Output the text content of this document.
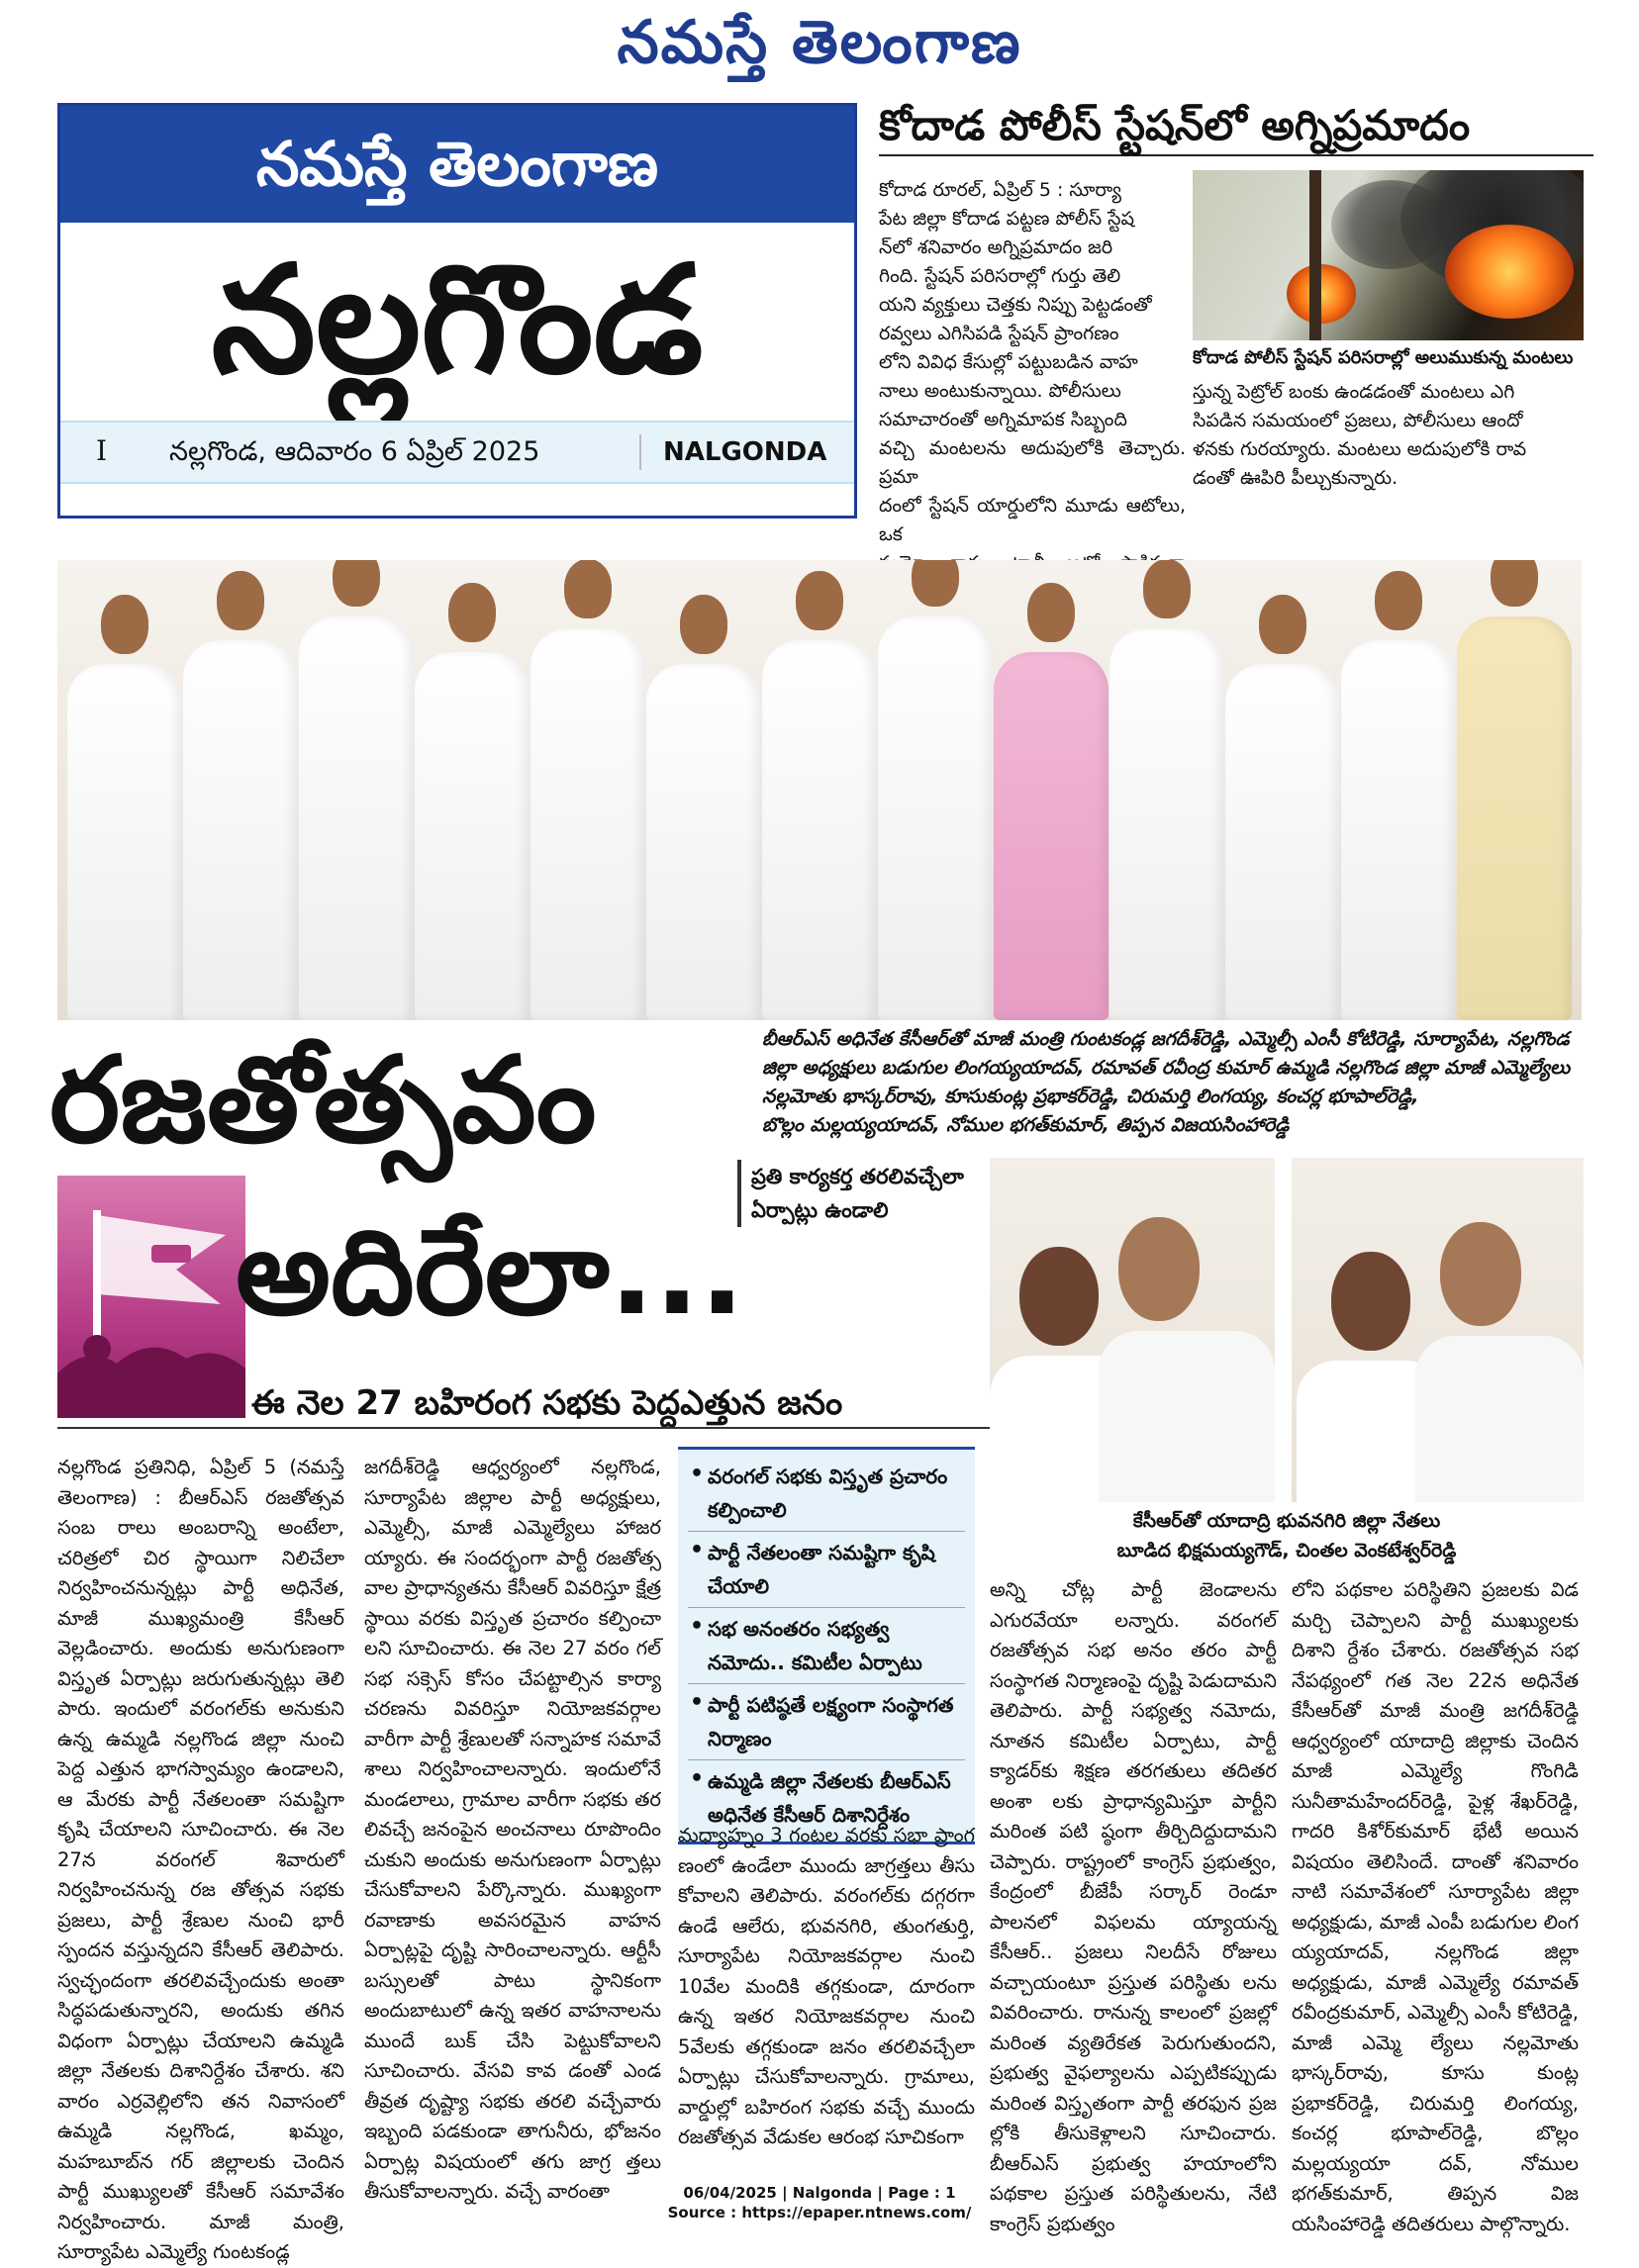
నమస్తే తెలంగాణ
నమస్తే తెలంగాణ
నల్లగొండ
I నల్లగొండ, ఆదివారం 6 ఏప్రిల్ 2025	NALGONDA
కోదాడ పోలీస్ స్టేషన్‌లో అగ్నిప్రమాదం
కోదాడ రూరల్, ఏప్రిల్ 5 : సూర్యా
పేట జిల్లా కోదాడ పట్టణ పోలీస్ స్టేష
న్‌లో శనివారం అగ్నిప్రమాదం జరి
గింది. స్టేషన్ పరిసరాల్లో గుర్తు తెలి
యని వ్యక్తులు చెత్తకు నిప్పు పెట్టడంతో
రవ్వలు ఎగిసిపడి స్టేషన్ ప్రాంగణం
లోని వివిధ కేసుల్లో పట్టుబడిన వాహ
నాలు అంటుకున్నాయి. పోలీసులు
సమాచారంతో అగ్నిమాపక సిబ్బంది
వచ్చి మంటలను అదుపులోకి తెచ్చారు. ప్రమా
దంలో స్టేషన్ యార్డులోని మూడు ఆటోలు, ఒక
స్తున్న పెట్రోల్ బంకు ఉండడంతో మంటలు ఎగి
సిపడిన సమయంలో ప్రజలు, పోలీసులు ఆందో
ళనకు గురయ్యారు. మంటలు అదుపులోకి రావ
డంతో ఊపిరి పీల్చుకున్నారు.
కోదాడ పోలీస్ స్టేషన్ పరిసరాల్లో అలుముకున్న మంటలు
బీఆర్‌ఎస్ అధినేత కేసీఆర్‌తో మాజీ మంత్రి గుంటకండ్ల జగదీశ్‌రెడ్డి, ఎమ్మెల్సీ ఎంసీ కోటిరెడ్డి, సూర్యాపేట, నల్లగొండ
జిల్లా అధ్యక్షులు బడుగుల లింగయ్యయాదవ్, రమావత్ రవీంద్ర కుమార్ ఉమ్మడి నల్లగొండ జిల్లా మాజీ ఎమ్మెల్యేలు
నల్లమోతు భాస్కర్‌రావు, కూసుకుంట్ల ప్రభాకర్‌రెడ్డి, చిరుమర్తి లింగయ్య, కంచర్ల భూపాల్‌రెడ్డి,
బొల్లం మల్లయ్యయాదవ్, నోముల భగత్‌కుమార్, తిప్పన విజయసింహారెడ్డి
రజతోత్సవం
ప్రతి కార్యకర్త తరలివచ్చేలా ఏర్పాట్లు ఉండాలి
అదిరేలా...
ఈ నెల 27 బహిరంగ సభకు పెద్దఎత్తున జనం
కేసీఆర్‌తో యాదాద్రి భువనగిరి జిల్లా నేతలు
బూడిద భిక్షమయ్యగౌడ్, చింతల వెంకటేశ్వర్‌రెడ్డి
నల్లగొండ ప్రతినిధి, ఏప్రిల్ 5 (నమస్తే తెలంగాణ) : బీఆర్‌ఎస్ రజతోత్సవ సంబ రాలు అంబరాన్ని అంటేలా, చరిత్రలో చిర స్థాయిగా నిలిచేలా నిర్వహించనున్నట్లు పార్టీ అధినేత, మాజీ ముఖ్యమంత్రి కేసీఆర్ వెల్లడించారు. అందుకు అనుగుణంగా విస్తృత ఏర్పాట్లు జరుగుతున్నట్లు తెలి పారు. ఇందులో వరంగల్‌కు అనుకుని ఉన్న ఉమ్మడి నల్లగొండ జిల్లా నుంచి పెద్ద ఎత్తున భాగస్వామ్యం ఉండాలని, ఆ మేరకు పార్టీ నేతలంతా సమష్టిగా కృషి చేయాలని సూచించారు. ఈ నెల 27న వరంగల్ శివారులో నిర్వహించనున్న రజ తోత్సవ సభకు ప్రజలు, పార్టీ శ్రేణుల నుంచి భారీ స్పందన వస్తున్నదని కేసీఆర్ తెలిపారు. స్వచ్ఛందంగా తరలివచ్చేందుకు అంతా సిద్ధపడుతున్నారని, అందుకు తగిన విధంగా ఏర్పాట్లు చేయాలని ఉమ్మడి జిల్లా నేతలకు దిశానిర్దేశం చేశారు. శని వారం ఎర్రవెల్లిలోని తన నివాసంలో ఉమ్మడి నల్లగొండ, ఖమ్మం, మహబూబ్‌న గర్ జిల్లాలకు చెందిన పార్టీ ముఖ్యులతో కేసీఆర్ సమావేశం నిర్వహించారు. మాజీ మంత్రి, సూర్యాపేట ఎమ్మెల్యే గుంటకండ్ల
జగదీశ్‌రెడ్డి ఆధ్వర్యంలో నల్లగొండ, సూర్యాపేట జిల్లాల పార్టీ అధ్యక్షులు, ఎమ్మెల్సీ, మాజీ ఎమ్మెల్యేలు హాజర య్యారు. ఈ సందర్భంగా పార్టీ రజతోత్స వాల ప్రాధాన్యతను కేసీఆర్ వివరిస్తూ క్షేత్ర స్థాయి వరకు విస్తృత ప్రచారం కల్పించా లని సూచించారు. ఈ నెల 27 వరం గల్ సభ సక్సెస్ కోసం చేపట్టాల్సిన కార్యా చరణను వివరిస్తూ నియోజకవర్గాల వారీగా పార్టీ శ్రేణులతో సన్నాహక సమావే శాలు నిర్వహించాలన్నారు. ఇందులోనే మండలాలు, గ్రామాల వారీగా సభకు తర లివచ్చే జనంపైన అంచనాలు రూపొందిం చుకుని అందుకు అనుగుణంగా ఏర్పాట్లు చేసుకోవాలని పేర్కొన్నారు. ముఖ్యంగా రవాణాకు అవసరమైన వాహన ఏర్పాట్లపై దృష్టి సారించాలన్నారు. ఆర్టీసీ బస్సులతో పాటు స్థానికంగా అందుబాటులో ఉన్న ఇతర వాహనాలను ముందే బుక్ చేసి పెట్టుకోవాలని సూచించారు. వేసవి కావ డంతో ఎండ తీవ్రత దృష్ట్యా సభకు తరలి వచ్చేవారు ఇబ్బంది పడకుండా తాగునీరు, భోజనం ఏర్పాట్ల విషయంలో తగు జాగ్ర త్తలు తీసుకోవాలన్నారు. వచ్చే వారంతా
• వరంగల్ సభకు విస్తృత ప్రచారం కల్పించాలి
• పార్టీ నేతలంతా సమష్టిగా కృషి చేయాలి
• సభ అనంతరం సభ్యత్వ నమోదు.. కమిటీల ఏర్పాటు
• పార్టీ పటిష్ఠతే లక్ష్యంగా సంస్థాగత నిర్మాణం
• ఉమ్మడి జిల్లా నేతలకు బీఆర్‌ఎస్ అధినేత కేసీఆర్ దిశానిర్దేశం
మధ్యాహ్నం 3 గంటల వరకు సభా ప్రాంగ ణంలో ఉండేలా ముందు జాగ్రత్తలు తీసు కోవాలని తెలిపారు. వరంగల్‌కు దగ్గరగా ఉండే ఆలేరు, భువనగిరి, తుంగతుర్తి, సూర్యాపేట నియోజకవర్గాల నుంచి 10వేల మందికి తగ్గకుండా, దూరంగా ఉన్న ఇతర నియోజకవర్గాల నుంచి 5వేలకు తగ్గకుండా జనం తరలివచ్చేలా ఏర్పాట్లు చేసుకోవాలన్నారు. గ్రామాలు, వార్డుల్లో బహిరంగ సభకు వచ్చే ముందు రజతోత్సవ వేడుకల ఆరంభ సూచికంగా
అన్ని చోట్ల పార్టీ జెండాలను ఎగురవేయా లన్నారు. వరంగల్ రజతోత్సవ సభ అనం తరం పార్టీ సంస్థాగత నిర్మాణంపై దృష్టి పెడుదామని తెలిపారు. పార్టీ సభ్యత్వ నమోదు, నూతన కమిటీల ఏర్పాటు, పార్టీ క్యాడర్‌కు శిక్షణ తరగతులు తదితర అంశా లకు ప్రాధాన్యమిస్తూ పార్టీని మరింత పటి ష్ఠంగా తీర్చిదిద్దుదామని చెప్పారు. రాష్ట్రంలో కాంగ్రెస్ ప్రభుత్వం, కేంద్రంలో బీజేపీ సర్కార్ రెండూ పాలనలో విఫలమ య్యాయన్న కేసీఆర్.. ప్రజలు నిలదీసే రోజులు వచ్చాయంటూ ప్రస్తుత పరిస్థితు లను వివరించారు. రానున్న కాలంలో ప్రజల్లో మరింత వ్యతిరేకత పెరుగుతుందని, ప్రభుత్వ వైఫల్యాలను ఎప్పటికప్పుడు మరింత విస్తృతంగా పార్టీ తరఫున ప్రజ ల్లోకి తీసుకెళ్లాలని సూచించారు. బీఆర్‌ఎస్ ప్రభుత్వ హయాంలోని పథకాల ప్రస్తుత పరిస్థితులను, నేటి కాంగ్రెస్ ప్రభుత్వం
లోని పథకాల పరిస్థితిని ప్రజలకు విడ మర్చి చెప్పాలని పార్టీ ముఖ్యులకు దిశాని ర్దేశం చేశారు. రజతోత్సవ సభ నేపథ్యంలో గత నెల 22న అధినేత కేసీఆర్‌తో మాజీ మంత్రి జగదీశ్‌రెడ్డి ఆధ్వర్యంలో యాదాద్రి జిల్లాకు చెందిన మాజీ ఎమ్మెల్యే గొంగిడి సునీతామహేందర్‌రెడ్డి, పైళ్ల శేఖర్‌రెడ్డి, గాదరి కిశోర్‌కుమార్ భేటీ అయిన విషయం తెలిసిందే. దాంతో శనివారం నాటి సమావేశంలో సూర్యాపేట జిల్లా అధ్యక్షుడు, మాజీ ఎంపీ బడుగుల లింగ య్యయాదవ్, నల్లగొండ జిల్లా అధ్యక్షుడు, మాజీ ఎమ్మెల్యే రమావత్ రవీంద్రకుమార్, ఎమ్మెల్సీ ఎంసీ కోటిరెడ్డి, మాజీ ఎమ్మె ల్యేలు నల్లమోతు భాస్కర్‌రావు, కూసు కుంట్ల ప్రభాకర్‌రెడ్డి, చిరుమర్తి లింగయ్య, కంచర్ల భూపాల్‌రెడ్డి, బొల్లం మల్లయ్యయా దవ్, నోముల భగత్‌కుమార్, తిప్పన విజ యసింహారెడ్డి తదితరులు పాల్గొన్నారు.
06/04/2025 | Nalgonda | Page : 1
Source : https://epaper.ntnews.com/
